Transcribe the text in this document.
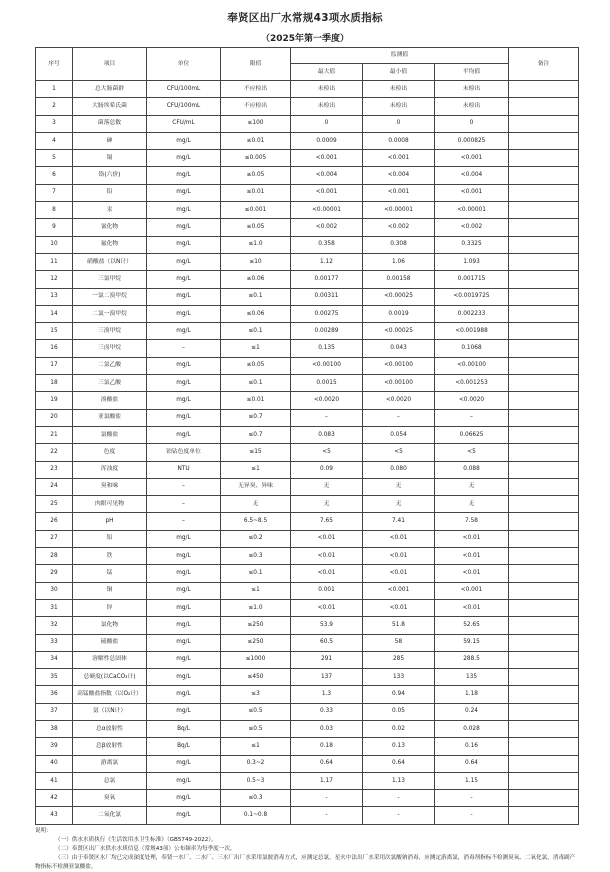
奉贤区出厂水常规43项水质指标
（2025年第一季度）
序号	项目	单位	限值	监测值			备注
				最大值	最小值	平均值	
1	总大肠菌群	CFU/100mL	不应检出	未检出	未检出	未检出	
2	大肠埃希氏菌	CFU/100mL	不应检出	未检出	未检出	未检出	
3	菌落总数	CFU/mL	≤100	0	0	0	
4	砷	mg/L	≤0.01	0.0009	0.0008	0.000825	
5	镉	mg/L	≤0.005	<0.001	<0.001	<0.001	
6	铬(六价)	mg/L	≤0.05	<0.004	<0.004	<0.004	
7	铅	mg/L	≤0.01	<0.001	<0.001	<0.001	
8	汞	mg/L	≤0.001	<0.00001	<0.00001	<0.00001	
9	氰化物	mg/L	≤0.05	<0.002	<0.002	<0.002	
10	氟化物	mg/L	≤1.0	0.358	0.308	0.3325	
11	硝酸盐（以N计）	mg/L	≤10	1.12	1.06	1.093	
12	三氯甲烷	mg/L	≤0.06	0.00177	0.00158	0.001715	
13	一氯二溴甲烷	mg/L	≤0.1	0.00311	<0.00025	<0.0019725	
14	二氯一溴甲烷	mg/L	≤0.06	0.00275	0.0019	0.002233	
15	三溴甲烷	mg/L	≤0.1	0.00289	<0.00025	<0.001988	
16	三卤甲烷	–	≤1	0.135	0.043	0.1068	
17	二氯乙酸	mg/L	≤0.05	<0.00100	<0.00100	<0.00100	
18	三氯乙酸	mg/L	≤0.1	0.0015	<0.00100	<0.001253	
19	溴酸盐	mg/L	≤0.01	<0.0020	<0.0020	<0.0020	
20	亚氯酸盐	mg/L	≤0.7	–	–	–	
21	氯酸盐	mg/L	≤0.7	0.083	0.054	0.06625	
22	色度	铂钴色度单位	≤15	<5	<5	<5	
23	浑浊度	NTU	≤1	0.09	0.080	0.088	
24	臭和味	–	无异臭、异味	无	无	无	
25	肉眼可见物	–	无	无	无	无	
26	pH	–	6.5~8.5	7.65	7.41	7.58	
27	铝	mg/L	≤0.2	<0.01	<0.01	<0.01	
28	铁	mg/L	≤0.3	<0.01	<0.01	<0.01	
29	锰	mg/L	≤0.1	<0.01	<0.01	<0.01	
30	铜	mg/L	≤1	0.001	<0.001	<0.001	
31	锌	mg/L	≤1.0	<0.01	<0.01	<0.01	
32	氯化物	mg/L	≤250	53.9	51.8	52.65	
33	硫酸盐	mg/L	≤250	60.5	58	59.15	
34	溶解性总固体	mg/L	≤1000	291	285	288.5	
35	总硬度(以CaCO₃计)	mg/L	≤450	137	133	135	
36	高锰酸盐指数（以O₂计）	mg/L	≤3	1.3	0.94	1.18	
37	氨（以N计）	mg/L	≤0.5	0.33	0.05	0.24	
38	总α放射性	Bq/L	≤0.5	0.03	0.02	0.028	
39	总β放射性	Bq/L	≤1	0.18	0.13	0.16	
40	游离氯	mg/L	0.3~2	0.64	0.64	0.64	
41	总氯	mg/L	0.5~3	1.17	1.13	1.15	
42	臭氧	mg/L	≤0.3	-	-	-	
43	二氧化氯	mg/L	0.1~0.8	-	-	-	
说明：
（一）供水水质执行《生活饮用水卫生标准》（GB5749-2022）。
（二）奉贤区出厂水供水水质信息（常规43项）公布频率为每季度一次。
（三）由于奉贤区水厂均已完成深度处理，奉贤一水厂、二水厂、三水厂出厂水采用氯胺消毒方式，应测定总氯，星火中法出厂水采用次氯酸钠消毒，应测定游离氯，消毒剂指标不检测臭氧、二氧化氯，消毒副产物指标不检测亚氯酸盐。
